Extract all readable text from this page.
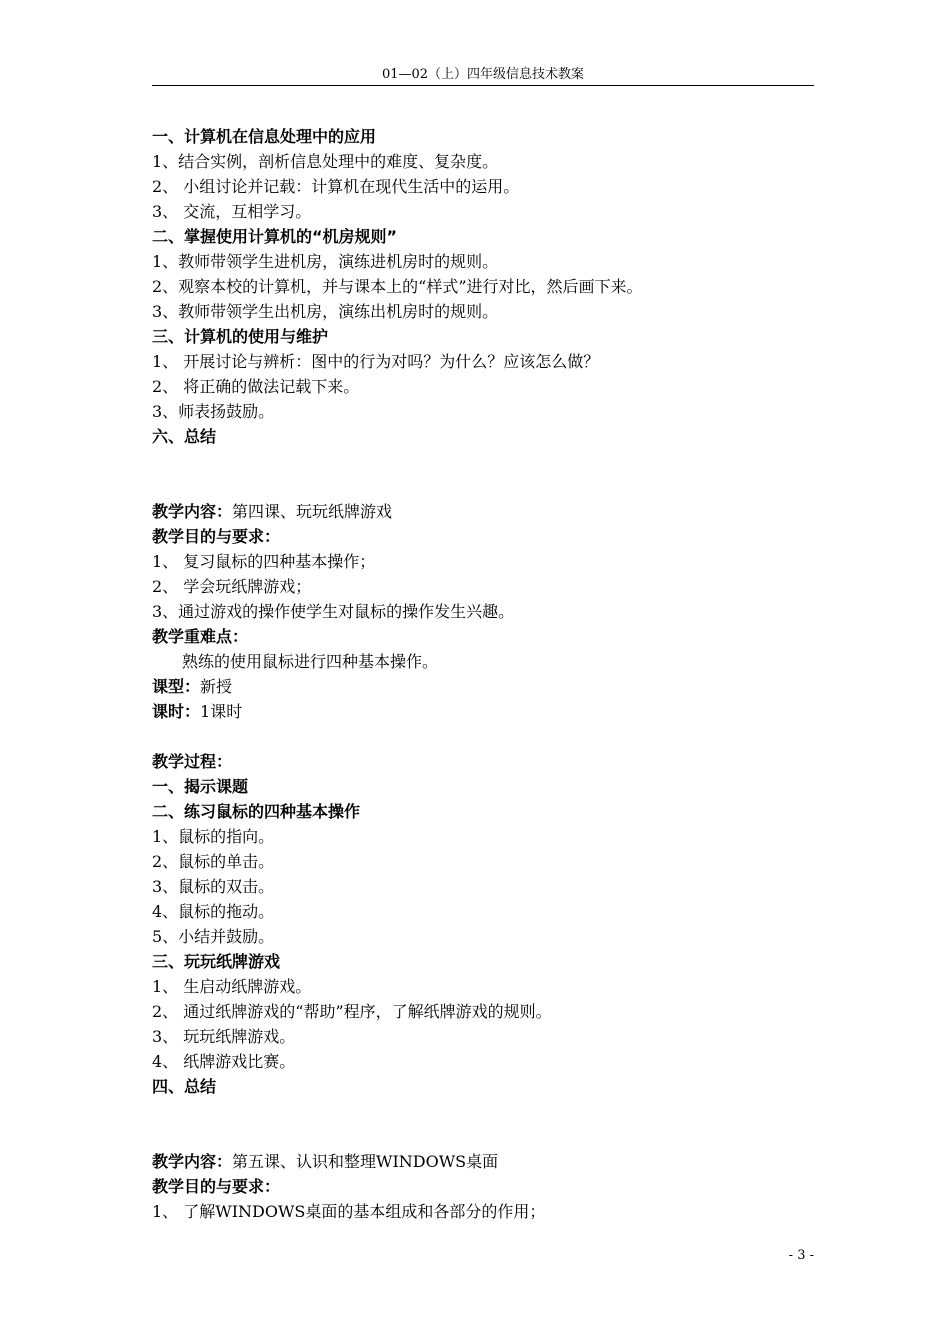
01—02（上）四年级信息技术教案
一、计算机在信息处理中的应用
1、结合实例，剖析信息处理中的难度、复杂度。
2、 小组讨论并记载：计算机在现代生活中的运用。
3、 交流，互相学习。
二、掌握使用计算机的“机房规则”
1、教师带领学生进机房，演练进机房时的规则。
2、观察本校的计算机，并与课本上的“样式”进行对比，然后画下来。
3、教师带领学生出机房，演练出机房时的规则。
三、计算机的使用与维护
1、 开展讨论与辨析：图中的行为对吗？为什么？应该怎么做？
2、 将正确的做法记载下来。
3、师表扬鼓励。
六、总结
教学内容：第四课、玩玩纸牌游戏
教学目的与要求：
1、 复习鼠标的四种基本操作；
2、 学会玩纸牌游戏；
3、通过游戏的操作使学生对鼠标的操作发生兴趣。
教学重难点：
熟练的使用鼠标进行四种基本操作。
课型：新授
课时：1课时
教学过程：
一、揭示课题
二、练习鼠标的四种基本操作
1、鼠标的指向。
2、鼠标的单击。
3、鼠标的双击。
4、鼠标的拖动。
5、小结并鼓励。
三、玩玩纸牌游戏
1、 生启动纸牌游戏。
2、 通过纸牌游戏的“帮助”程序，了解纸牌游戏的规则。
3、 玩玩纸牌游戏。
4、 纸牌游戏比赛。
四、总结
教学内容：第五课、认识和整理WINDOWS桌面
教学目的与要求：
1、 了解WINDOWS桌面的基本组成和各部分的作用；
- 3 -
